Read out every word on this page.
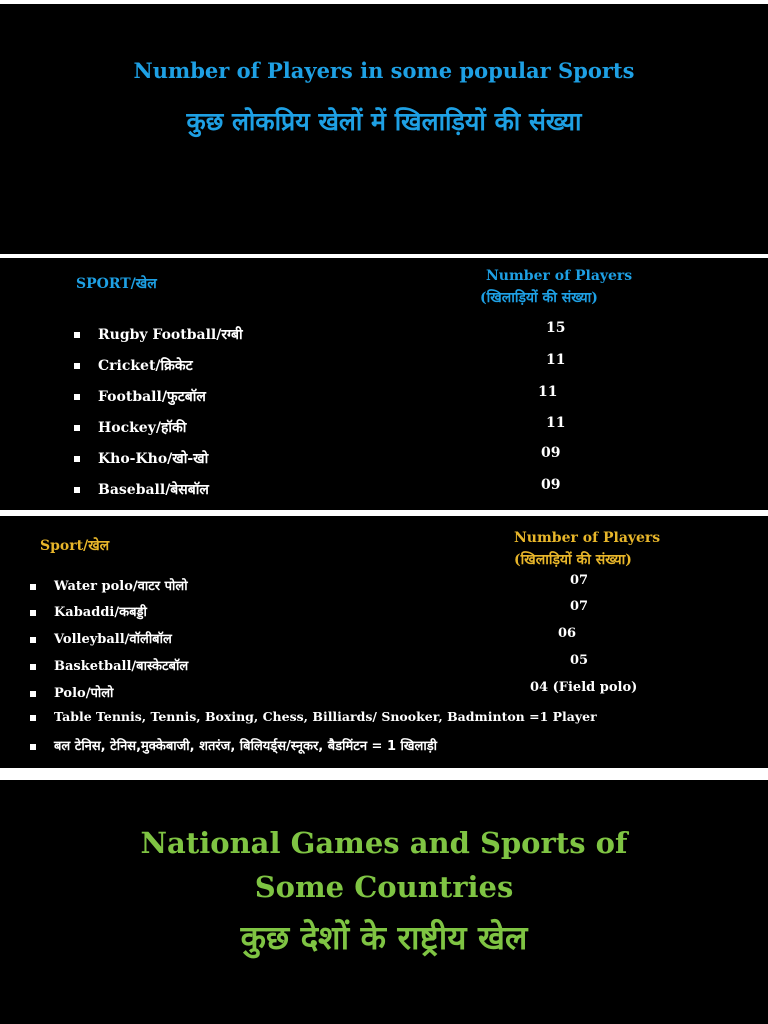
Number of Players in some popular Sports
कुछ लोकप्रिय खेलों में खिलाड़ियों की संख्या
SPORT/खेल	Number of Players
(खिलाड़ियों की संख्या)
Rugby Football/रग्बी	15
Cricket/क्रिकेट	11
Football/फुटबॉल	11
Hockey/हॉकी	11
Kho-Kho/खो-खो	09
Baseball/बेसबॉल	09
Sport/खेल	Number of Players
(खिलाड़ियों की संख्या)
Water polo/वाटर पोलो	07
Kabaddi/कबड्डी	07
Volleyball/वॉलीबॉल	06
Basketball/बास्केटबॉल	05
Polo/पोलो	04 (Field polo)
Table Tennis, Tennis, Boxing, Chess, Billiards/ Snooker, Badminton =1 Player
बल टेनिस, टेनिस,मुक्केबाजी, शतरंज, बिलियर्ड्स/स्नूकर, बैडमिंटन = 1 खिलाड़ी
National Games and Sports of
Some Countries
कुछ देशों के राष्ट्रीय खेल
